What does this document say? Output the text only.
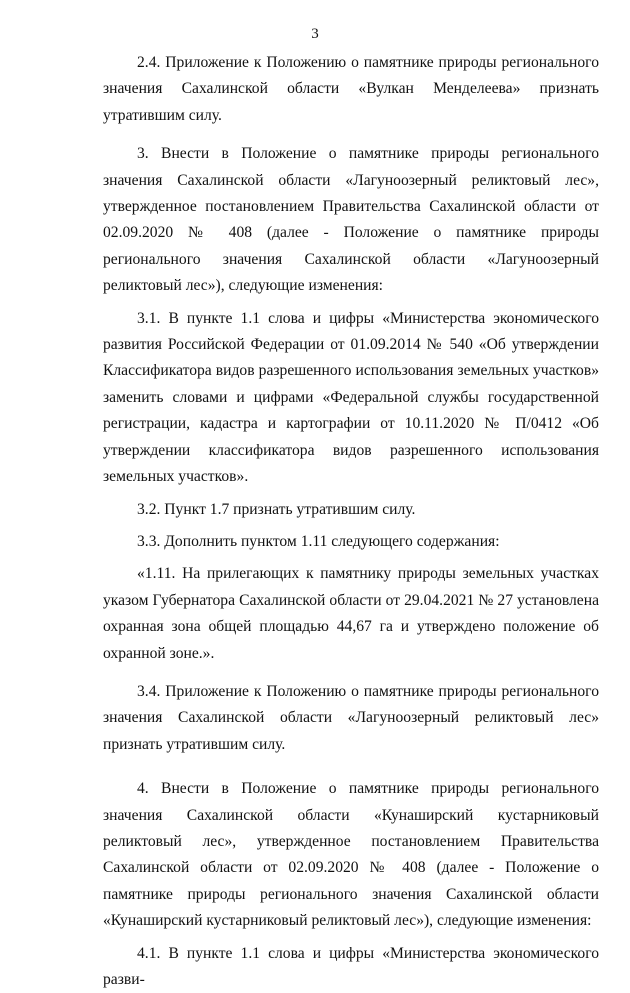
3

2.4. Приложение к Положению о памятнике природы регионального значения Сахалинской области «Вулкан Менделеева» признать утратившим силу.

3. Внести в Положение о памятнике природы регионального значения Сахалинской области «Лагуноозерный реликтовый лес», утвержденное постановлением Правительства Сахалинской области от 02.09.2020 № 408 (далее - Положение о памятнике природы регионального значения Сахалинской области «Лагуноозерный реликтовый лес»), следующие изменения:

3.1. В пункте 1.1 слова и цифры «Министерства экономического развития Российской Федерации от 01.09.2014 № 540 «Об утверждении Классификатора видов разрешенного использования земельных участков» заменить словами и цифрами «Федеральной службы государственной регистрации, кадастра и картографии от 10.11.2020 № П/0412 «Об утверждении классификатора видов разрешенного использования земельных участков».

3.2. Пункт 1.7 признать утратившим силу.

3.3. Дополнить пунктом 1.11 следующего содержания:

«1.11. На прилегающих к памятнику природы земельных участках указом Губернатора Сахалинской области от 29.04.2021 № 27 установлена охранная зона общей площадью 44,67 га и утверждено положение об охранной зоне.».

3.4. Приложение к Положению о памятнике природы регионального значения Сахалинской области «Лагуноозерный реликтовый лес» признать утратившим силу.

4. Внести в Положение о памятнике природы регионального значения Сахалинской области «Кунаширский кустарниковый реликтовый лес», утвержденное постановлением Правительства Сахалинской области от 02.09.2020 № 408 (далее - Положение о памятнике природы регионального значения Сахалинской области «Кунаширский кустарниковый реликтовый лес»), следующие изменения:

4.1. В пункте 1.1 слова и цифры «Министерства экономического разви-
